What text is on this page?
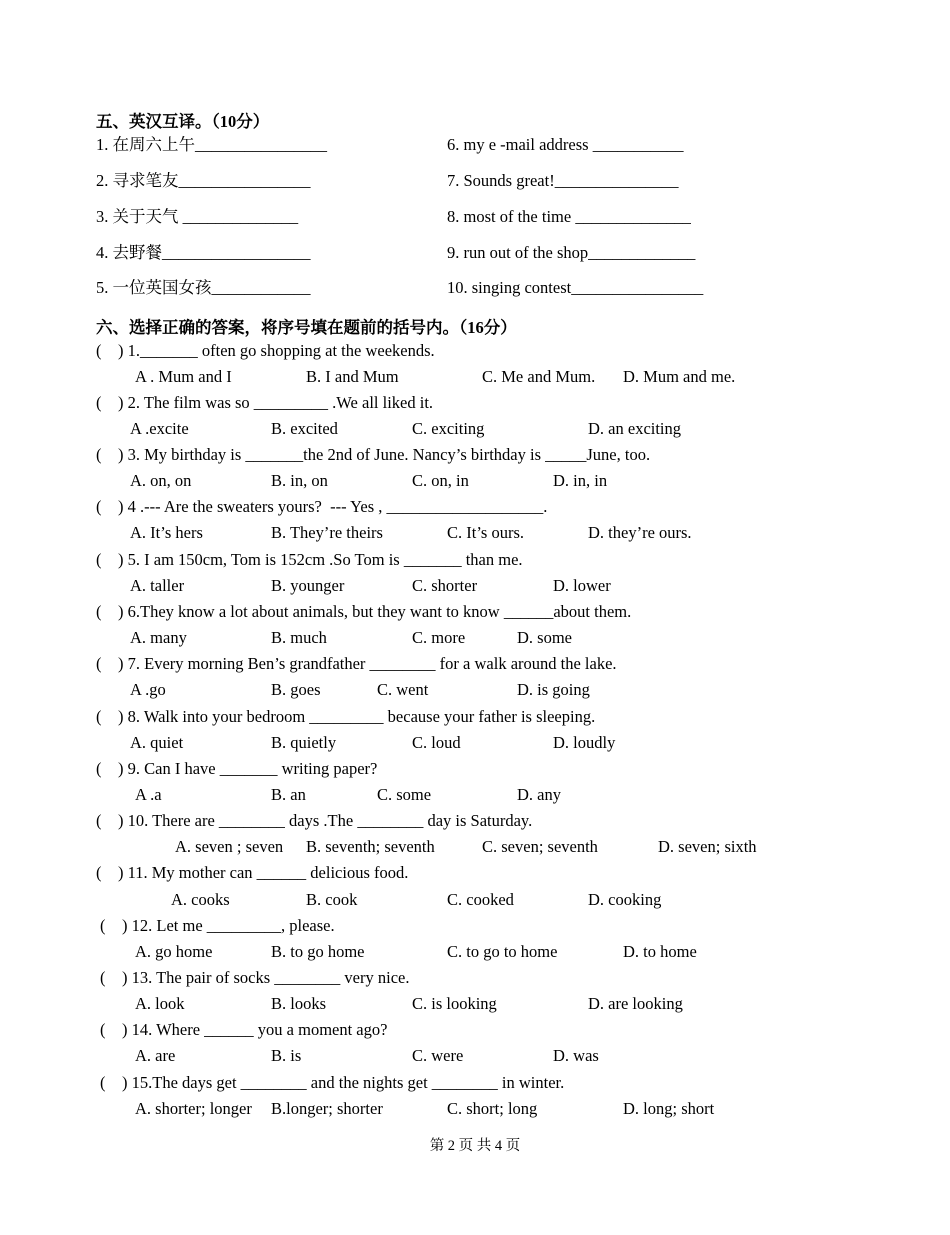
五、英汉互译。（10分）
1. 在周六上午________________
2. 寻求笔友________________
3. 关于天气 ______________
4. 去野餐__________________
5. 一位英国女孩____________
6. my e -mail address ___________
7. Sounds great!_______________
8. most of the time ______________
9. run out of the shop_____________
10. singing contest________________
六、选择正确的答案，将序号填在题前的括号内。（16分）
( ) 1._______ often go shopping at the weekends.
A . Mum and I	B. I and Mum	C. Me and Mum. D. Mum and me.
( ) 2. The film was so _________ .We all liked it.
A .excite	B. excited	C. exciting	D. an exciting
( ) 3. My birthday is _______the 2nd of June. Nancy’s birthday is _____June, too.
A. on, on	B. in, on	C. on, in	D. in, in
( ) 4 .--- Are the sweaters yours?  --- Yes , ___________________.
A. It’s hers	B. They’re theirs	C. It’s ours.	D. they’re ours.
( ) 5. I am 150cm, Tom is 152cm .So Tom is _______ than me.
A. taller	B. younger	C. shorter	D. lower
( ) 6.They know a lot about animals, but they want to know ______about them.
A. many	B. much	C. more	D. some
( ) 7. Every morning Ben’s grandfather ________ for a walk around the lake.
A .go	B. goes	C. went	D. is going
( ) 8. Walk into your bedroom _________ because your father is sleeping.
A. quiet	B. quietly	C. loud	D. loudly
( ) 9. Can I have _______ writing paper?
A .a	B. an	C. some	D. any
( ) 10. There are ________ days .The ________ day is Saturday.
A. seven ; seven B. seventh; seventh	C. seven; seventh	D. seven; sixth
( ) 11. My mother can ______ delicious food.
A. cooks	B. cook	C. cooked	D. cooking
( ) 12. Let me _________, please.
A. go home	B. to go home	C. to go to home	D. to home
( ) 13. The pair of socks ________ very nice.
A. look	B. looks	C. is looking	D. are looking
( ) 14. Where ______ you a moment ago?
A. are	B. is	C. were	D. was
( ) 15.The days get ________ and the nights get ________ in winter.
A. shorter; longer B.longer; shorter	C. short; long	D. long; short
第 2 页 共 4 页
